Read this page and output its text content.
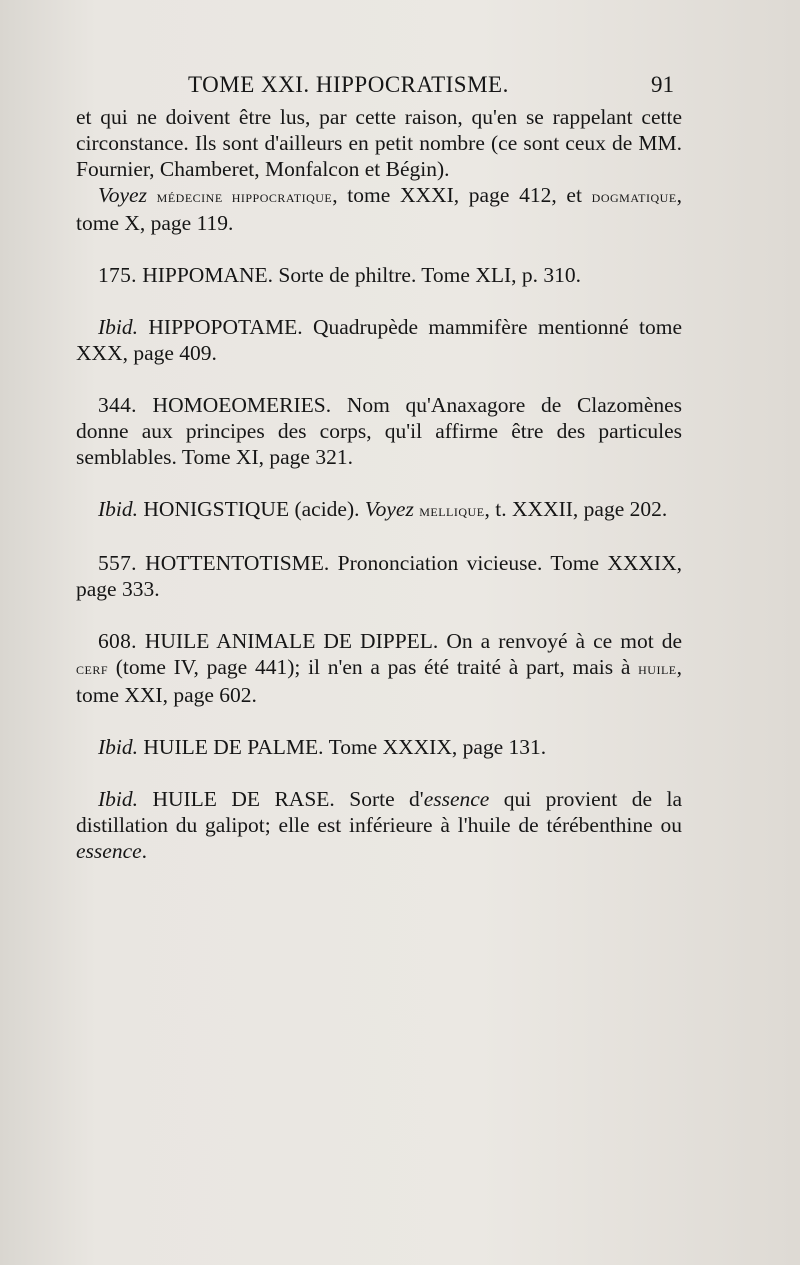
TOME XXI. HIPPOCRATISME.	91

et qui ne doivent être lus, par cette raison, qu'en se rappelant cette circonstance. Ils sont d'ailleurs en petit nombre (ce sont ceux de MM. Fournier, Chamberet, Monfalcon et Bégin).

Voyez médecine hippocratique, tome XXXI, page 412, et dogmatique, tome X, page 119.

175. HIPPOMANE. Sorte de philtre. Tome XLI, p. 310.

Ibid. HIPPOPOTAME. Quadrupède mammifère mentionné tome XXX, page 409.

344. HOMOEOMERIES. Nom qu'Anaxagore de Clazomènes donne aux principes des corps, qu'il affirme être des particules semblables. Tome XI, page 321.

Ibid. HONIGSTIQUE (acide). Voyez mellique, t. XXXII, page 202.

557. HOTTENTOTISME. Prononciation vicieuse. Tome XXXIX, page 333.

608. HUILE ANIMALE DE DIPPEL. On a renvoyé à ce mot de cerf (tome IV, page 441); il n'en a pas été traité à part, mais à huile, tome XXI, page 602.

Ibid. HUILE DE PALME. Tome XXXIX, page 131.

Ibid. HUILE DE RASE. Sorte d'essence qui provient de la distillation du galipot; elle est inférieure à l'huile de térébenthine ou essence.
